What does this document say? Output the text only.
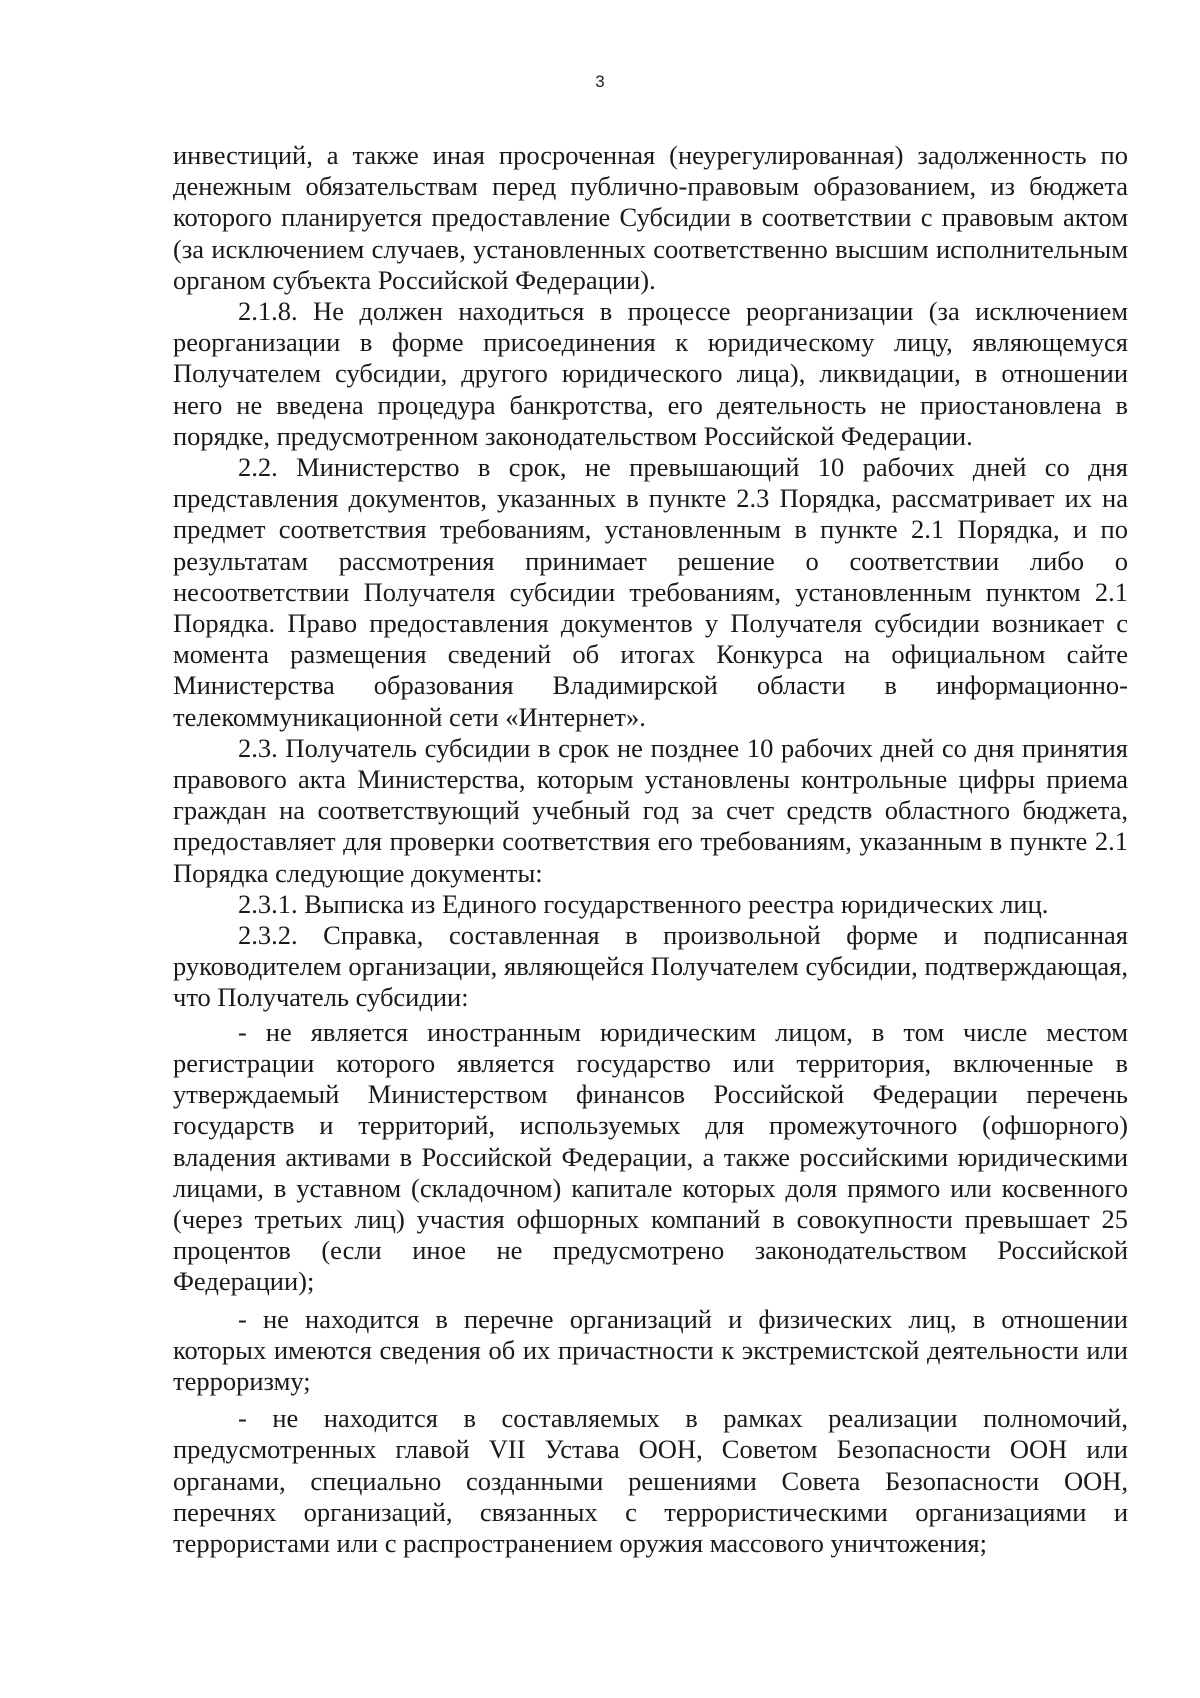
3

инвестиций, а также иная просроченная (неурегулированная) задолженность по денежным обязательствам перед публично-правовым образованием, из бюджета которого планируется предоставление Субсидии в соответствии с правовым актом (за исключением случаев, установленных соответственно высшим исполнительным органом субъекта Российской Федерации).

2.1.8. Не должен находиться в процессе реорганизации (за исключением реорганизации в форме присоединения к юридическому лицу, являющемуся Получателем субсидии, другого юридического лица), ликвидации, в отношении него не введена процедура банкротства, его деятельность не приостановлена в порядке, предусмотренном законодательством Российской Федерации.

2.2. Министерство в срок, не превышающий 10 рабочих дней со дня представления документов, указанных в пункте 2.3 Порядка, рассматривает их на предмет соответствия требованиям, установленным в пункте 2.1 Порядка, и по результатам рассмотрения принимает решение о соответствии либо о несоответствии Получателя субсидии требованиям, установленным пунктом 2.1 Порядка. Право предоставления документов у Получателя субсидии возникает с момента размещения сведений об итогах Конкурса на официальном сайте Министерства образования Владимирской области в информационно-телекоммуникационной сети «Интернет».

2.3. Получатель субсидии в срок не позднее 10 рабочих дней со дня принятия правового акта Министерства, которым установлены контрольные цифры приема граждан на соответствующий учебный год за счет средств областного бюджета, предоставляет для проверки соответствия его требованиям, указанным в пункте 2.1 Порядка следующие документы:

2.3.1. Выписка из Единого государственного реестра юридических лиц.

2.3.2. Справка, составленная в произвольной форме и подписанная руководителем организации, являющейся Получателем субсидии, подтверждающая, что Получатель субсидии:

- не является иностранным юридическим лицом, в том числе местом регистрации которого является государство или территория, включенные в утверждаемый Министерством финансов Российской Федерации перечень государств и территорий, используемых для промежуточного (офшорного) владения активами в Российской Федерации, а также российскими юридическими лицами, в уставном (складочном) капитале которых доля прямого или косвенного (через третьих лиц) участия офшорных компаний в совокупности превышает 25 процентов (если иное не предусмотрено законодательством Российской Федерации);

- не находится в перечне организаций и физических лиц, в отношении которых имеются сведения об их причастности к экстремистской деятельности или терроризму;

- не находится в составляемых в рамках реализации полномочий, предусмотренных главой VII Устава ООН, Советом Безопасности ООН или органами, специально созданными решениями Совета Безопасности ООН, перечнях организаций, связанных с террористическими организациями и террористами или с распространением оружия массового уничтожения;
